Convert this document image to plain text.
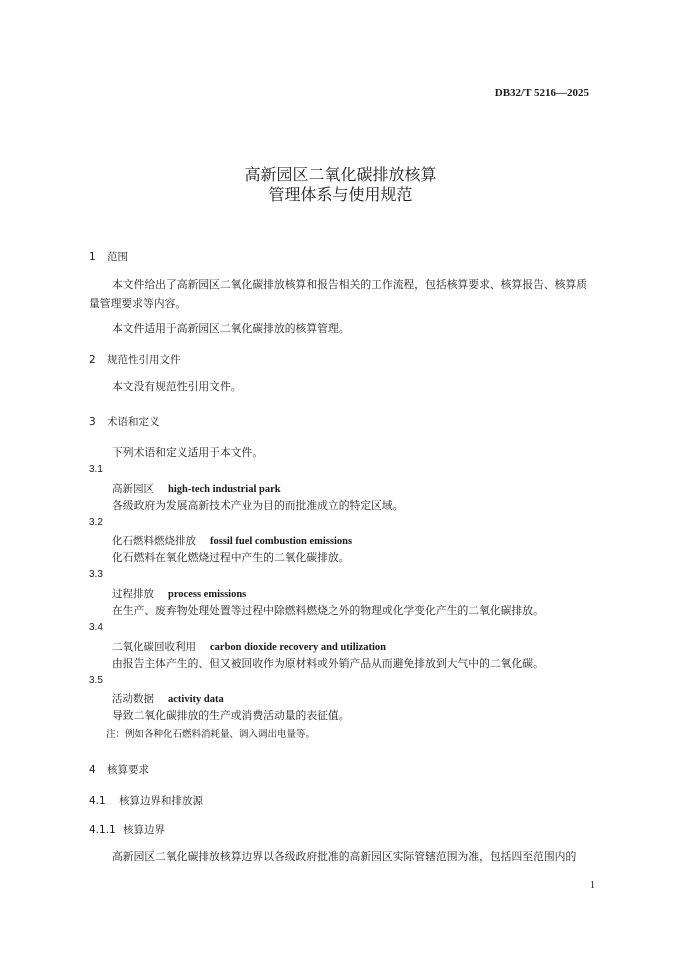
DB32/T 5216—2025
高新园区二氧化碳排放核算
管理体系与使用规范
1 范围
本文件给出了高新园区二氧化碳排放核算和报告相关的工作流程，包括核算要求、核算报告、核算质
量管理要求等内容。
本文件适用于高新园区二氧化碳排放的核算管理。
2 规范性引用文件
本文没有规范性引用文件。
3 术语和定义
下列术语和定义适用于本文件。
3.1
高新园区 high-tech industrial park
各级政府为发展高新技术产业为目的而批准成立的特定区域。
3.2
化石燃料燃烧排放 fossil fuel combustion emissions
化石燃料在氧化燃烧过程中产生的二氧化碳排放。
3.3
过程排放 process emissions
在生产、废弃物处理处置等过程中除燃料燃烧之外的物理或化学变化产生的二氧化碳排放。
3.4
二氧化碳回收利用 carbon dioxide recovery and utilization
由报告主体产生的、但又被回收作为原材料或外销产品从而避免排放到大气中的二氧化碳。
3.5
活动数据 activity data
导致二氧化碳排放的生产或消费活动量的表征值。
注：例如各种化石燃料消耗量、调入调出电量等。
4 核算要求
4.1 核算边界和排放源
4.1.1 核算边界
高新园区二氧化碳排放核算边界以各级政府批准的高新园区实际管辖范围为准，包括四至范围内的
1
